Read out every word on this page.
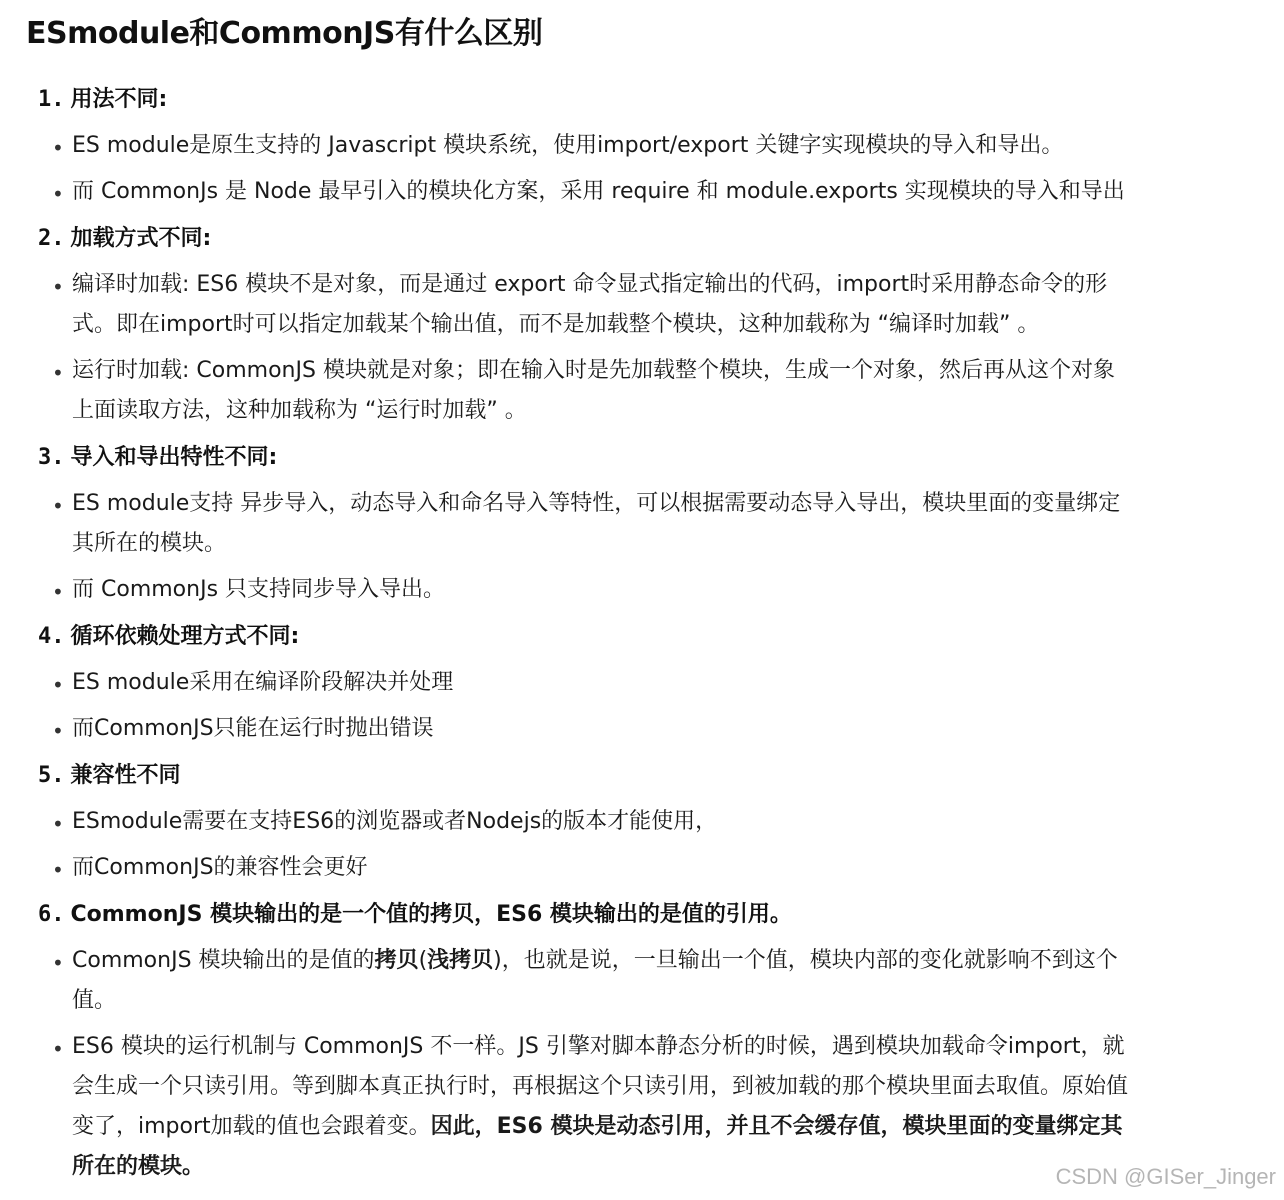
ESmodule和CommonJS有什么区别
1. 用法不同:
• ES module是原生支持的 Javascript 模块系统，使用import/export 关键字实现模块的导入和导出。
• 而 CommonJs 是 Node 最早引入的模块化方案，采用 require 和 module.exports 实现模块的导入和导出
2. 加载方式不同:
• 编译时加载: ES6 模块不是对象，而是通过 export 命令显式指定输出的代码，import时采用静态命令的形
式。即在import时可以指定加载某个输出值，而不是加载整个模块，这种加载称为 “编译时加载” 。
• 运行时加载: CommonJS 模块就是对象；即在输入时是先加载整个模块，生成一个对象，然后再从这个对象
上面读取方法，这种加载称为 “运行时加载” 。
3. 导入和导出特性不同:
• ES module支持 异步导入，动态导入和命名导入等特性，可以根据需要动态导入导出，模块里面的变量绑定
其所在的模块。
• 而 CommonJs 只支持同步导入导出。
4. 循环依赖处理方式不同:
• ES module采用在编译阶段解决并处理
• 而CommonJS只能在运行时抛出错误
5. 兼容性不同
• ESmodule需要在支持ES6的浏览器或者Nodejs的版本才能使用，
• 而CommonJS的兼容性会更好
6. CommonJS 模块输出的是一个值的拷贝，ES6 模块输出的是值的引用。
• CommonJS 模块输出的是值的拷贝(浅拷贝)，也就是说，一旦输出一个值，模块内部的变化就影响不到这个
值。
• ES6 模块的运行机制与 CommonJS 不一样。JS 引擎对脚本静态分析的时候，遇到模块加载命令import，就
会生成一个只读引用。等到脚本真正执行时，再根据这个只读引用，到被加载的那个模块里面去取值。原始值
变了，import加载的值也会跟着变。因此，ES6 模块是动态引用，并且不会缓存值，模块里面的变量绑定其
所在的模块。	CSDN @GISer_Jinger
